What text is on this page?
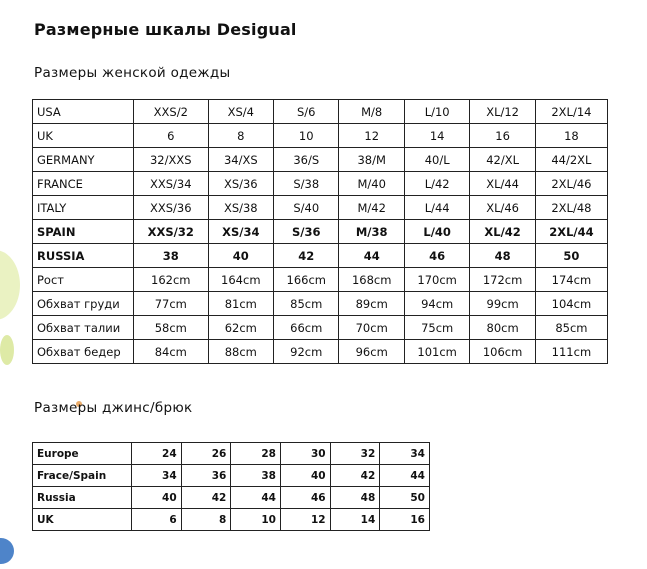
Размерные шкалы Desigual
Размеры женской одежды
USA	XXS/2	XS/4	S/6	M/8	L/10	XL/12	2XL/14
UK	6	8	10	12	14	16	18
GERMANY	32/XXS	34/XS	36/S	38/M	40/L	42/XL	44/2XL
FRANCE	XXS/34	XS/36	S/38	M/40	L/42	XL/44	2XL/46
ITALY	XXS/36	XS/38	S/40	M/42	L/44	XL/46	2XL/48
SPAIN	XXS/32	XS/34	S/36	M/38	L/40	XL/42	2XL/44
RUSSIA	38	40	42	44	46	48	50
Рост	162cm	164cm	166cm	168cm	170cm	172cm	174cm
Обхват груди	77cm	81cm	85cm	89cm	94cm	99cm	104cm
Обхват талии	58cm	62cm	66cm	70cm	75cm	80cm	85cm
Обхват бедер	84cm	88cm	92cm	96cm	101cm	106cm	111cm
Размеры джинс/брюк
Europe	24	26	28	30	32	34
Frace/Spain	34	36	38	40	42	44
Russia	40	42	44	46	48	50
UK	6	8	10	12	14	16
